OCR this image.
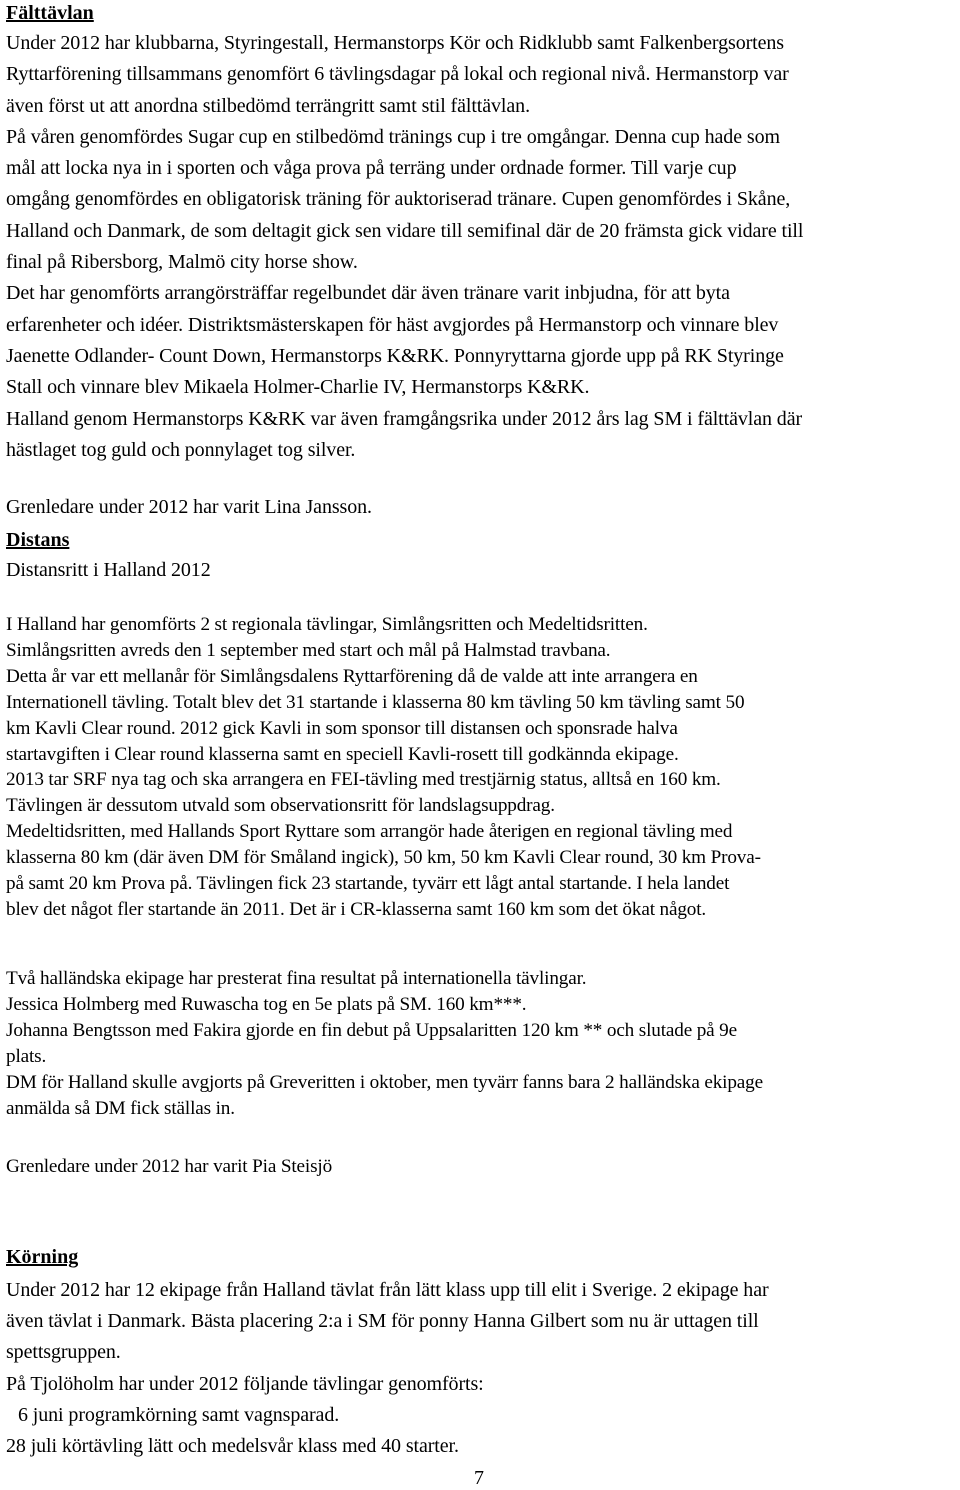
Fälttävlan

Under 2012 har klubbarna, Styringestall, Hermanstorps Kör och Ridklubb samt Falkenbergsortens

Ryttarförening tillsammans genomfört 6 tävlingsdagar på lokal och regional nivå. Hermanstorp var

även först ut att anordna stilbedömd terrängritt samt stil fälttävlan.

På våren genomfördes Sugar cup en stilbedömd tränings cup i tre omgångar. Denna cup hade som

mål att locka nya in i sporten och våga prova på terräng under ordnade former. Till varje cup

omgång genomfördes en obligatorisk träning för auktoriserad tränare. Cupen genomfördes i Skåne,

Halland och Danmark, de som deltagit gick sen vidare till semifinal där de 20 främsta gick vidare till

final på Ribersborg, Malmö city horse show.

Det har genomförts arrangörsträffar regelbundet där även tränare varit inbjudna, för att byta

erfarenheter och idéer. Distriktsmästerskapen för häst avgjordes på Hermanstorp och vinnare blev

Jaenette Odlander- Count Down, Hermanstorps K&RK. Ponnyryttarna gjorde upp på RK Styringe

Stall och vinnare blev Mikaela Holmer-Charlie IV, Hermanstorps K&RK.

Halland genom Hermanstorps K&RK var även framgångsrika under 2012 års lag SM i fälttävlan där

hästlaget tog guld och ponnylaget tog silver.

Grenledare under 2012 har varit Lina Jansson.

Distans

Distansritt i Halland 2012

I Halland har genomförts 2 st regionala tävlingar, Simlångsritten och Medeltidsritten.

Simlångsritten avreds den 1 september med start och mål på Halmstad travbana.

Detta år var ett mellanår för Simlångsdalens Ryttarförening då de valde att inte arrangera en

Internationell tävling. Totalt blev det 31 startande i klasserna 80 km tävling 50 km tävling samt 50

km Kavli Clear round. 2012 gick Kavli in som sponsor till distansen och sponsrade halva

startavgiften i Clear round klasserna samt en speciell Kavli-rosett till godkännda ekipage.

2013 tar SRF nya tag och ska arrangera en FEI-tävling med trestjärnig status, alltså en 160 km.

Tävlingen är dessutom utvald som observationsritt för landslagsuppdrag.

Medeltidsritten, med Hallands Sport Ryttare som arrangör hade återigen en regional tävling med

klasserna 80 km (där även DM för Småland ingick), 50 km, 50 km Kavli Clear round, 30 km Prova-

på samt 20 km Prova på. Tävlingen fick 23 startande, tyvärr ett lågt antal startande. I hela landet

blev det något fler startande än 2011. Det är i CR-klasserna samt 160 km som det ökat något.

Två halländska ekipage har presterat fina resultat på internationella tävlingar.

Jessica Holmberg med Ruwascha tog en 5e plats på SM. 160 km***.

Johanna Bengtsson med Fakira gjorde en fin debut på Uppsalaritten 120 km ** och slutade på 9e

plats.

DM för Halland skulle avgjorts på Greveritten i oktober, men tyvärr fanns bara 2 halländska ekipage

anmälda så DM fick ställas in.

Grenledare under 2012 har varit Pia Steisjö

Körning

Under 2012 har 12 ekipage från Halland tävlat från lätt klass upp till elit i Sverige. 2 ekipage har

även tävlat i Danmark. Bästa placering 2:a i SM för ponny Hanna Gilbert som nu är uttagen till

spettsgruppen.

På Tjolöholm har under 2012 följande tävlingar genomförts:

6 juni programkörning samt vagnsparad.

28 juli körtävling lätt och medelsvår klass med 40 starter.

7
